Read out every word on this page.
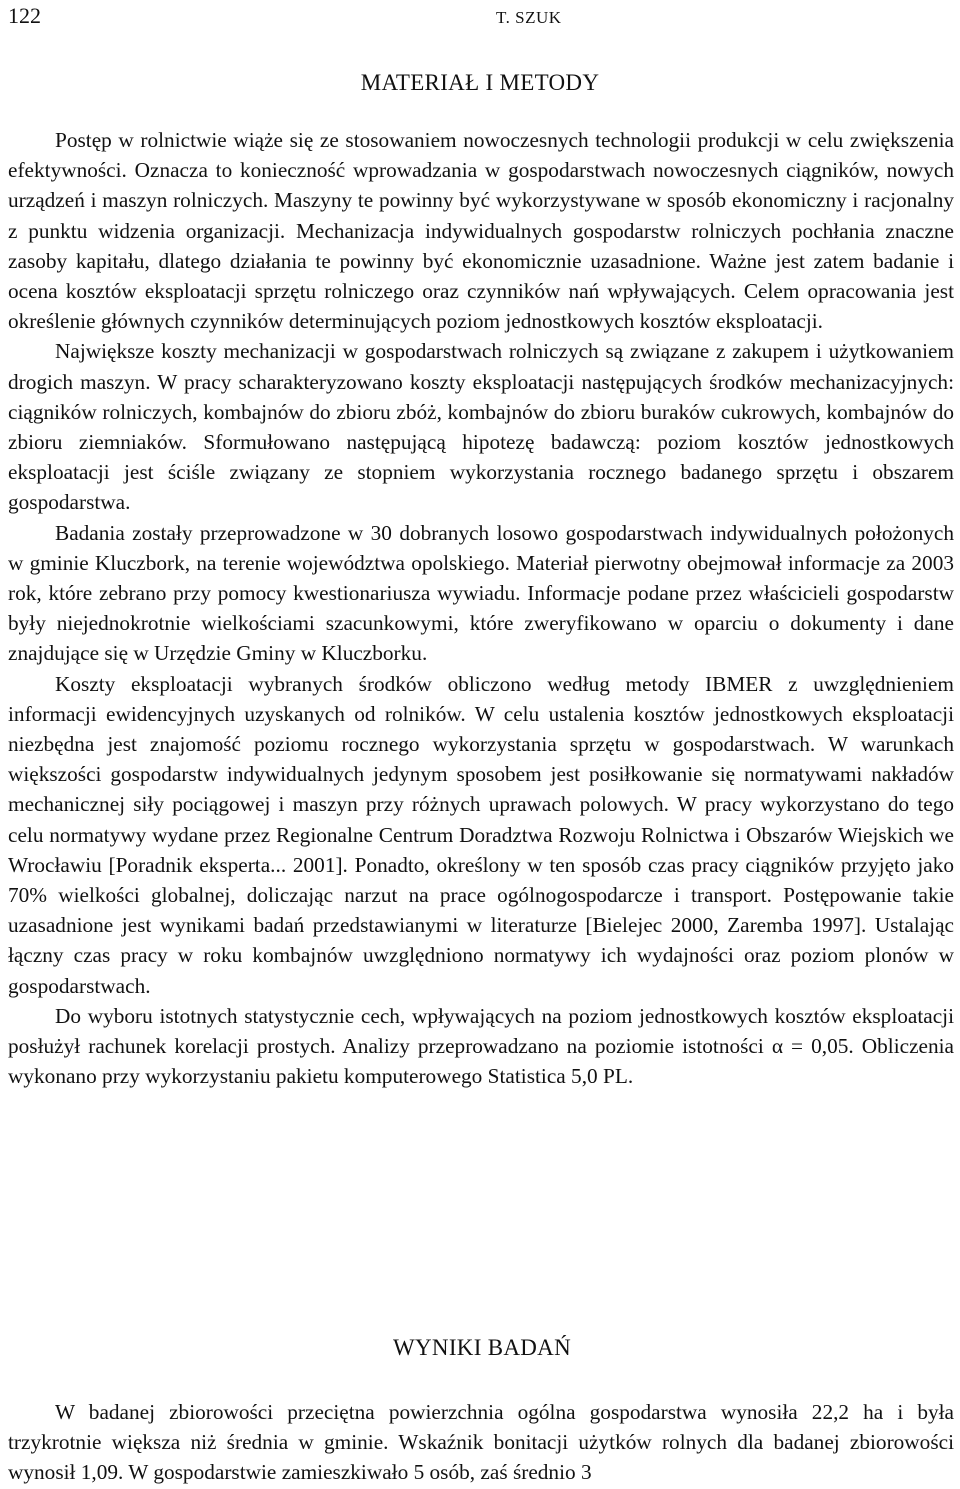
122	T. SZUK
MATERIAŁ I METODY

Postęp w rolnictwie wiąże się ze stosowaniem nowoczesnych technologii produkcji w celu zwiększenia efektywności. Oznacza to konieczność wprowadzania w gospodarstwach nowoczesnych ciągników, nowych urządzeń i maszyn rolniczych. Maszyny te powinny być wykorzystywane w sposób ekonomiczny i racjonalny z punktu widzenia organizacji. Mechanizacja indywidualnych gospodarstw rolniczych pochłania znaczne zasoby kapitału, dlatego działania te powinny być ekonomicznie uzasadnione. Ważne jest zatem badanie i ocena kosztów eksploatacji sprzętu rolniczego oraz czynników nań wpływających. Celem opracowania jest określenie głównych czynników determinujących poziom jednostkowych kosztów eksploatacji.

Największe koszty mechanizacji w gospodarstwach rolniczych są związane z zakupem i użytkowaniem drogich maszyn. W pracy scharakteryzowano koszty eksploatacji następujących środków mechanizacyjnych: ciągników rolniczych, kombajnów do zbioru zbóż, kombajnów do zbioru buraków cukrowych, kombajnów do zbioru ziemniaków. Sformułowano następującą hipotezę badawczą: poziom kosztów jednostkowych eksploatacji jest ściśle związany ze stopniem wykorzystania rocznego badanego sprzętu i obszarem gospodarstwa.

Badania zostały przeprowadzone w 30 dobranych losowo gospodarstwach indywidualnych położonych w gminie Kluczbork, na terenie województwa opolskiego. Materiał pierwotny obejmował informacje za 2003 rok, które zebrano przy pomocy kwestionariusza wywiadu. Informacje podane przez właścicieli gospodarstw były niejednokrotnie wielkościami szacunkowymi, które zweryfikowano w oparciu o dokumenty i dane znajdujące się w Urzędzie Gminy w Kluczborku.

Koszty eksploatacji wybranych środków obliczono według metody IBMER z uwzględnieniem informacji ewidencyjnych uzyskanych od rolników. W celu ustalenia kosztów jednostkowych eksploatacji niezbędna jest znajomość poziomu rocznego wykorzystania sprzętu w gospodarstwach. W warunkach większości gospodarstw indywidualnych jedynym sposobem jest posiłkowanie się normatywami nakładów mechanicznej siły pociągowej i maszyn przy różnych uprawach polowych. W pracy wykorzystano do tego celu normatywy wydane przez Regionalne Centrum Doradztwa Rozwoju Rolnictwa i Obszarów Wiejskich we Wrocławiu [Poradnik eksperta... 2001]. Ponadto, określony w ten sposób czas pracy ciągników przyjęto jako 70% wielkości globalnej, doliczając narzut na prace ogólnogospodarcze i transport. Postępowanie takie uzasadnione jest wynikami badań przedstawianymi w literaturze [Bielejec 2000, Zaremba 1997]. Ustalając łączny czas pracy w roku kombajnów uwzględniono normatywy ich wydajności oraz poziom plonów w gospodarstwach.

Do wyboru istotnych statystycznie cech, wpływających na poziom jednostkowych kosztów eksploatacji posłużył rachunek korelacji prostych. Analizy przeprowadzano na poziomie istotności α = 0,05. Obliczenia wykonano przy wykorzystaniu pakietu komputerowego Statistica 5,0 PL.

WYNIKI BADAŃ

W badanej zbiorowości przeciętna powierzchnia ogólna gospodarstwa wynosiła 22,2 ha i była trzykrotnie większa niż średnia w gminie. Wskaźnik bonitacji użytków rolnych dla badanej zbiorowości wynosił 1,09. W gospodarstwie zamieszkiwało 5 osób, zaś średnio 3
